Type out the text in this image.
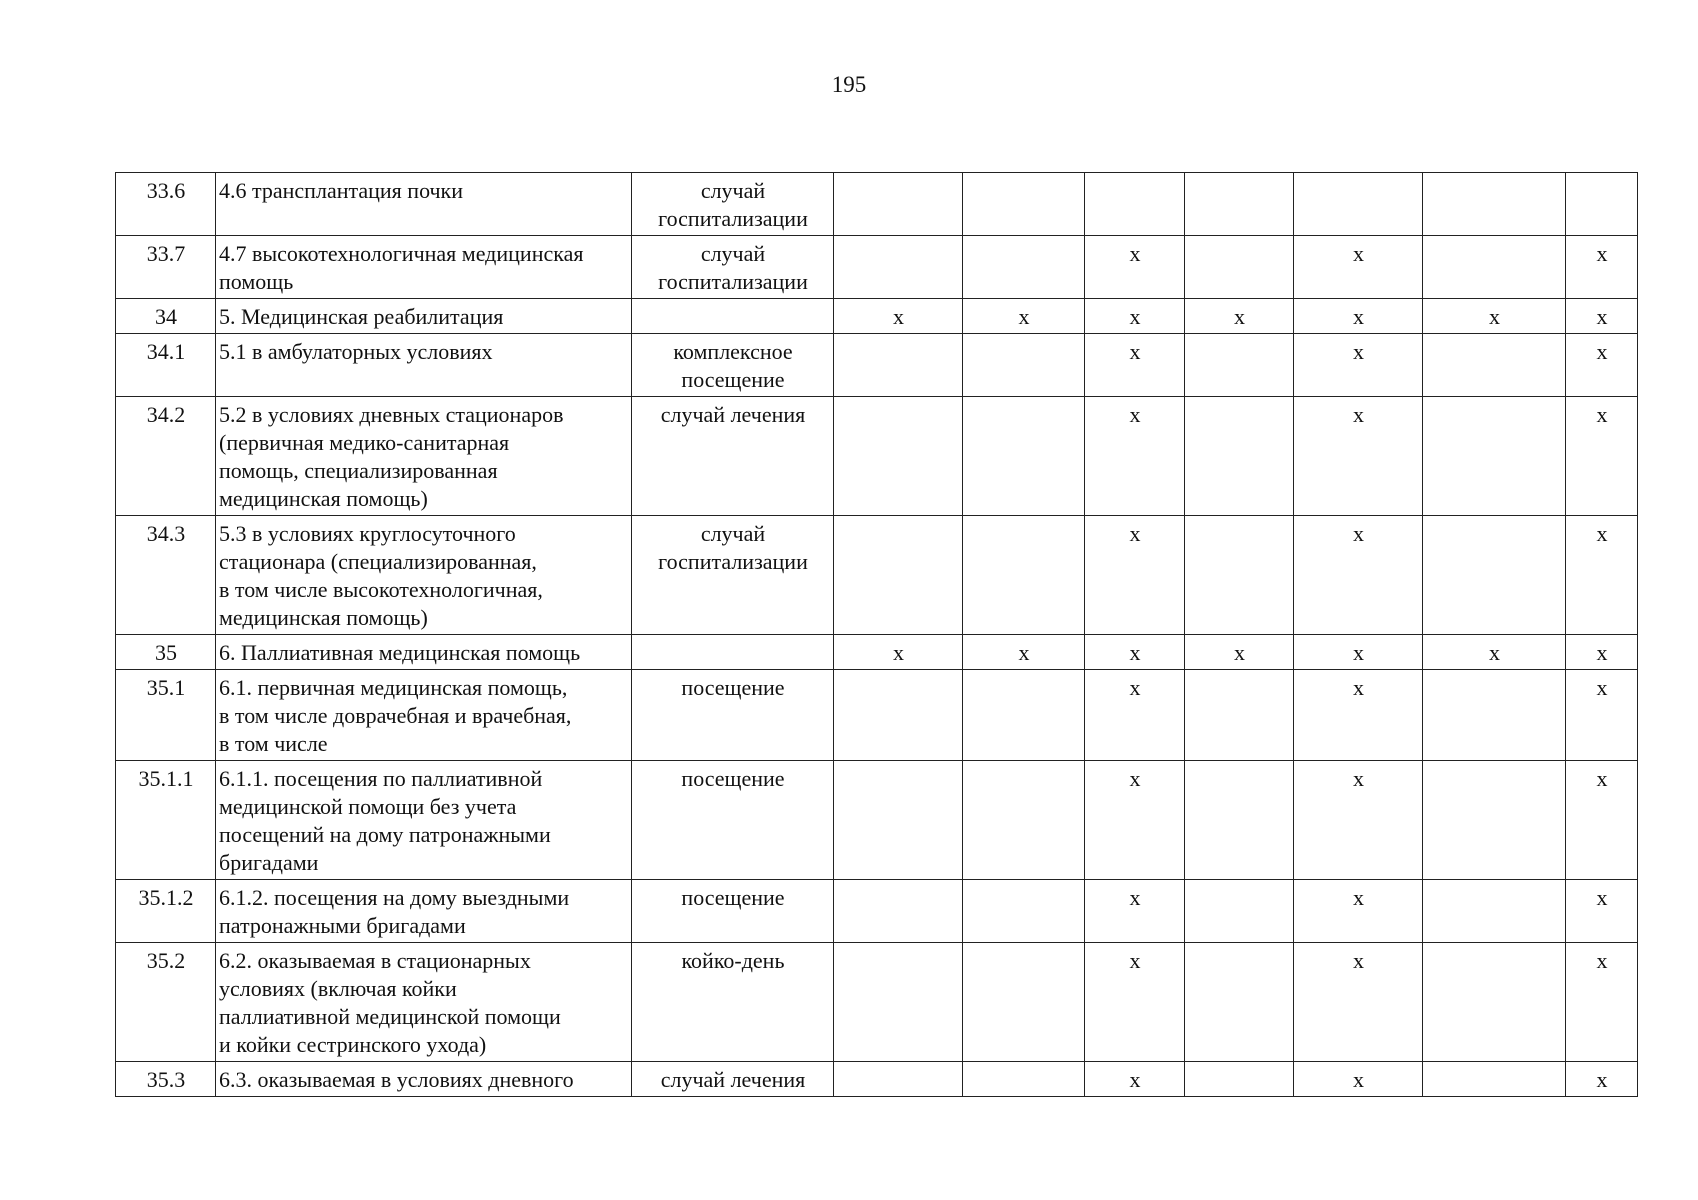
195
33.6	4.6 трансплантация почки	случай
госпитализации							
33.7	4.7 высокотехнологичная медицинская помощь	случай
госпитализации			х		х		х
34	5. Медицинская реабилитация		х	х	х	х	х	х	х
34.1	5.1 в амбулаторных условиях	комплексное
посещение			х		х		х
34.2	5.2 в условиях дневных стационаров
(первичная медико-санитарная
помощь, специализированная
медицинская помощь)	случай лечения			х		х		х
34.3	5.3 в условиях круглосуточного
стационара (специализированная,
в том числе высокотехнологичная,
медицинская помощь)	случай
госпитализации			х		х		х
35	6. Паллиативная медицинская помощь		х	х	х	х	х	х	х
35.1	6.1. первичная медицинская помощь,
в том числе доврачебная и врачебная,
в том числе	посещение			х		х		х
35.1.1	6.1.1. посещения по паллиативной
медицинской помощи без учета
посещений на дому патронажными
бригадами	посещение			х		х		х
35.1.2	6.1.2. посещения на дому выездными
патронажными бригадами	посещение			х		х		х
35.2	6.2. оказываемая в стационарных
условиях (включая койки
паллиативной медицинской помощи
и койки сестринского ухода)	койко-день			х		х		х
35.3	6.3. оказываемая в условиях дневного	случай лечения			х		х		х
